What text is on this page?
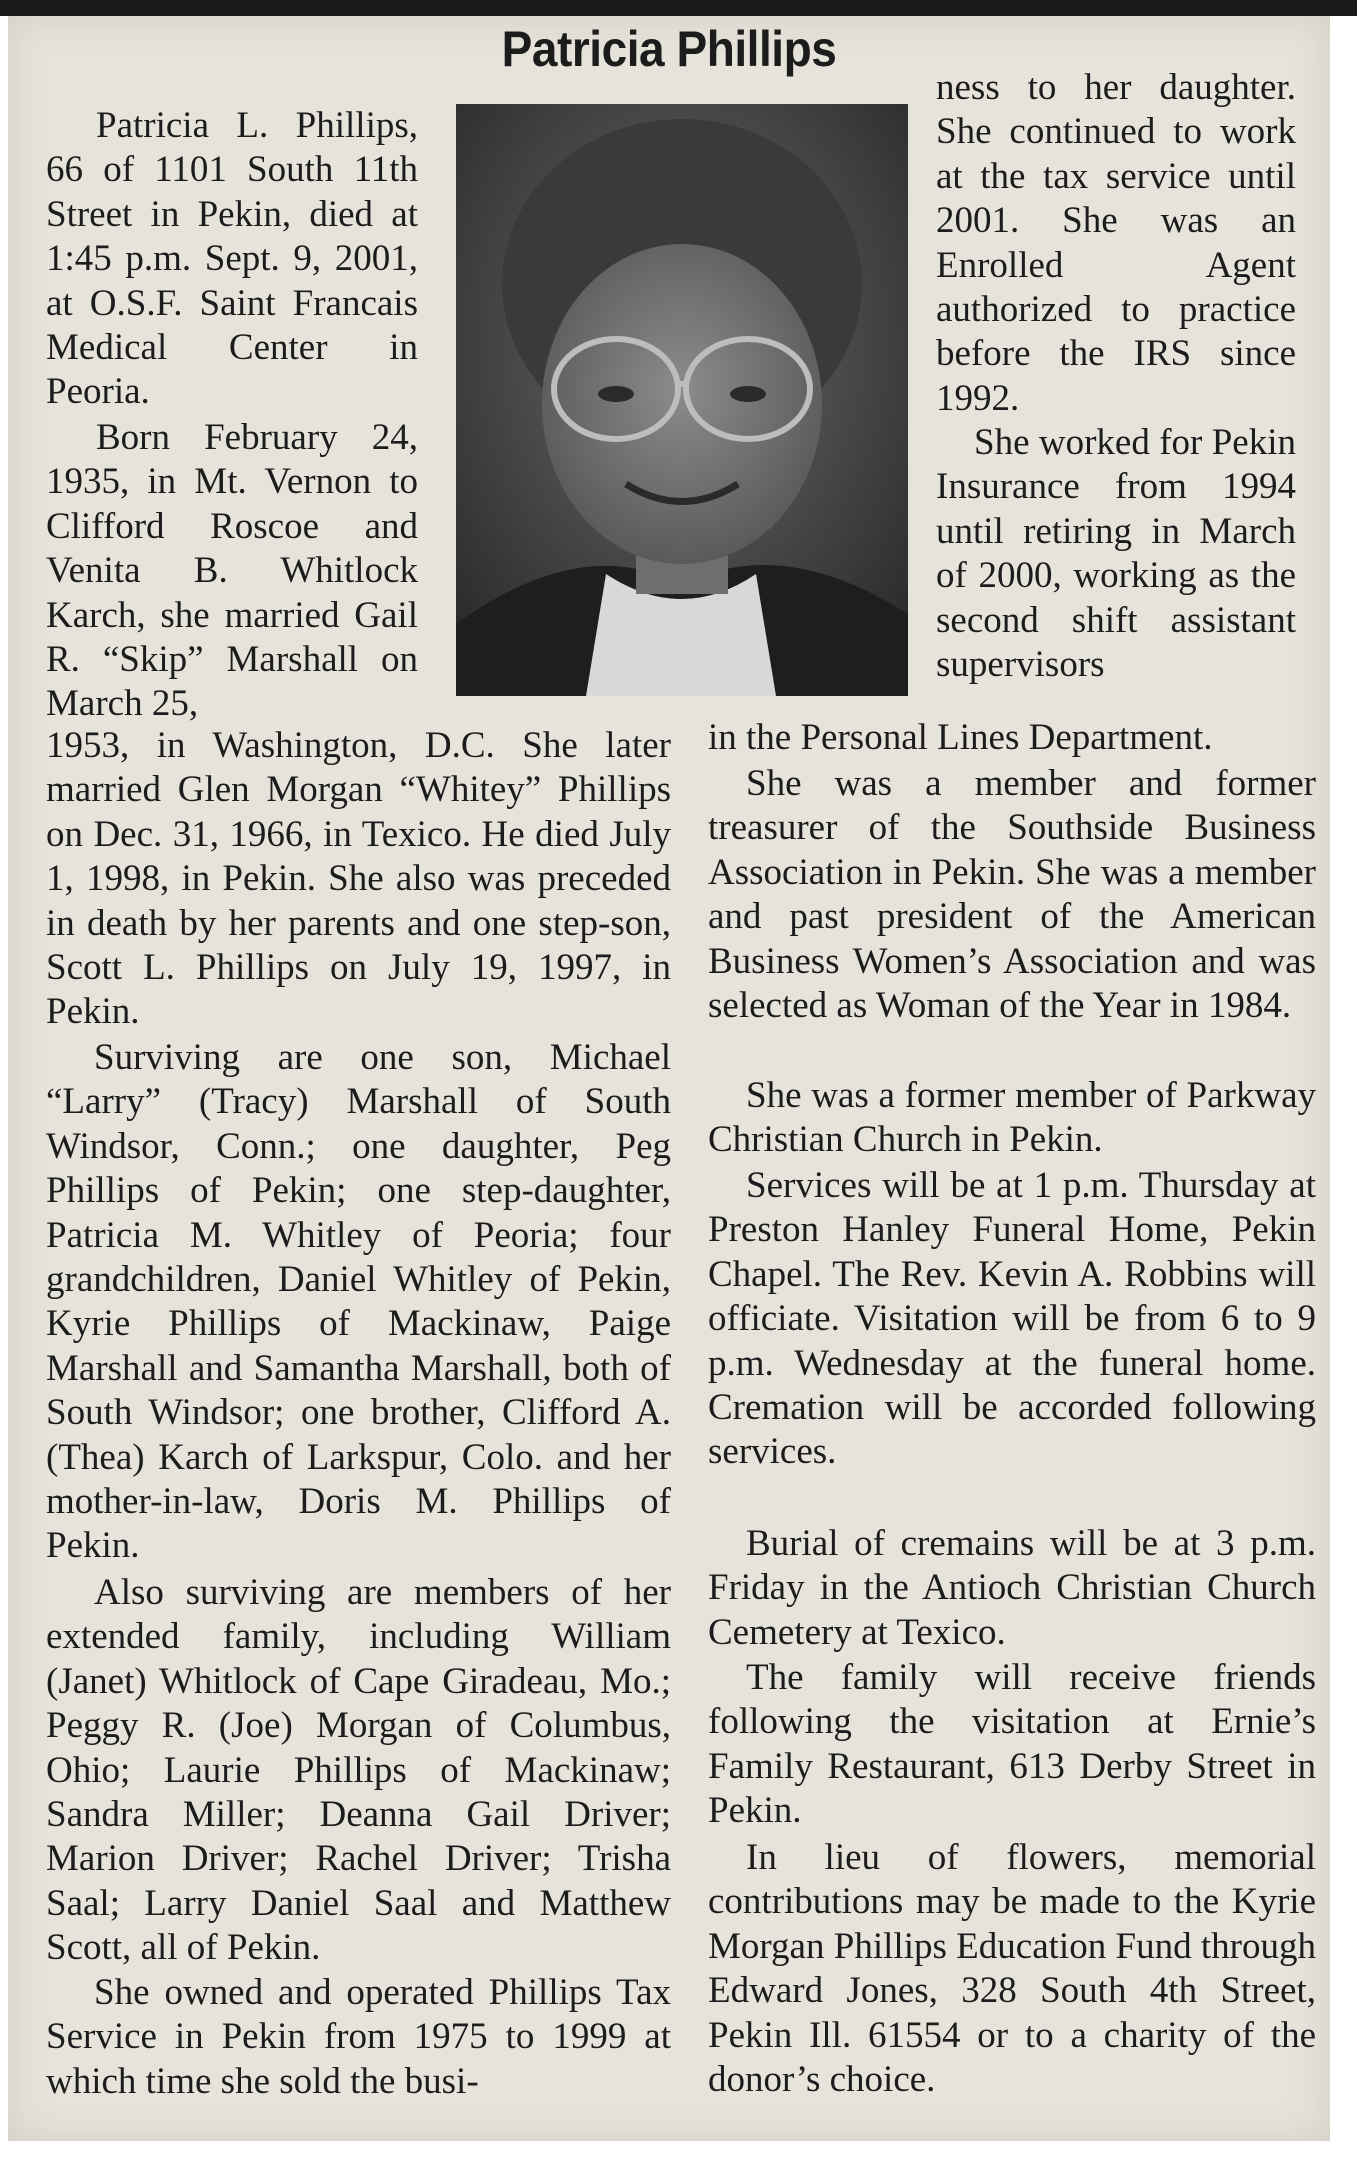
Patricia Phillips

Patricia L. Phillips, 66 of 1101 South 11th Street in Pekin, died at 1:45 p.m. Sept. 9, 2001, at O.S.F. Saint Francais Medical Center in Peoria.

Born February 24, 1935, in Mt. Vernon to Clifford Roscoe and Venita B. Whitlock Karch, she married Gail R. “Skip” Marshall on March 25,

ness to her daughter. She continued to work at the tax service until 2001. She was an Enrolled Agent authorized to practice before the IRS since 1992.

She worked for Pekin Insurance from 1994 until retiring in March of 2000, working as the second shift assistant supervisors

1953, in Washington, D.C. She later married Glen Morgan “Whitey” Phillips on Dec. 31, 1966, in Texico. He died July 1, 1998, in Pekin. She also was preceded in death by her parents and one step-son, Scott L. Phillips on July 19, 1997, in Pekin.

Surviving are one son, Michael “Larry” (Tracy) Marshall of South Windsor, Conn.; one daughter, Peg Phillips of Pekin; one step-daughter, Patricia M. Whitley of Peoria; four grandchildren, Daniel Whitley of Pekin, Kyrie Phillips of Mackinaw, Paige Marshall and Samantha Marshall, both of South Windsor; one brother, Clifford A. (Thea) Karch of Larkspur, Colo. and her mother-in-law, Doris M. Phillips of Pekin.

Also surviving are members of her extended family, including William (Janet) Whitlock of Cape Giradeau, Mo.; Peggy R. (Joe) Morgan of Columbus, Ohio; Laurie Phillips of Mackinaw; Sandra Miller; Deanna Gail Driver; Marion Driver; Rachel Driver; Trisha Saal; Larry Daniel Saal and Matthew Scott, all of Pekin.

She owned and operated Phillips Tax Service in Pekin from 1975 to 1999 at which time she sold the busi-

in the Personal Lines Department.

She was a member and former treasurer of the Southside Business Association in Pekin. She was a member and past president of the American Business Women’s Association and was selected as Woman of the Year in 1984.

She was a former member of Parkway Christian Church in Pekin.

Services will be at 1 p.m. Thursday at Preston Hanley Funeral Home, Pekin Chapel. The Rev. Kevin A. Robbins will officiate. Visitation will be from 6 to 9 p.m. Wednesday at the funeral home. Cremation will be accorded following services.

Burial of cremains will be at 3 p.m. Friday in the Antioch Christian Church Cemetery at Texico.

The family will receive friends following the visitation at Ernie’s Family Restaurant, 613 Derby Street in Pekin.

In lieu of flowers, memorial contributions may be made to the Kyrie Morgan Phillips Education Fund through Edward Jones, 328 South 4th Street, Pekin Ill. 61554 or to a charity of the donor’s choice.
